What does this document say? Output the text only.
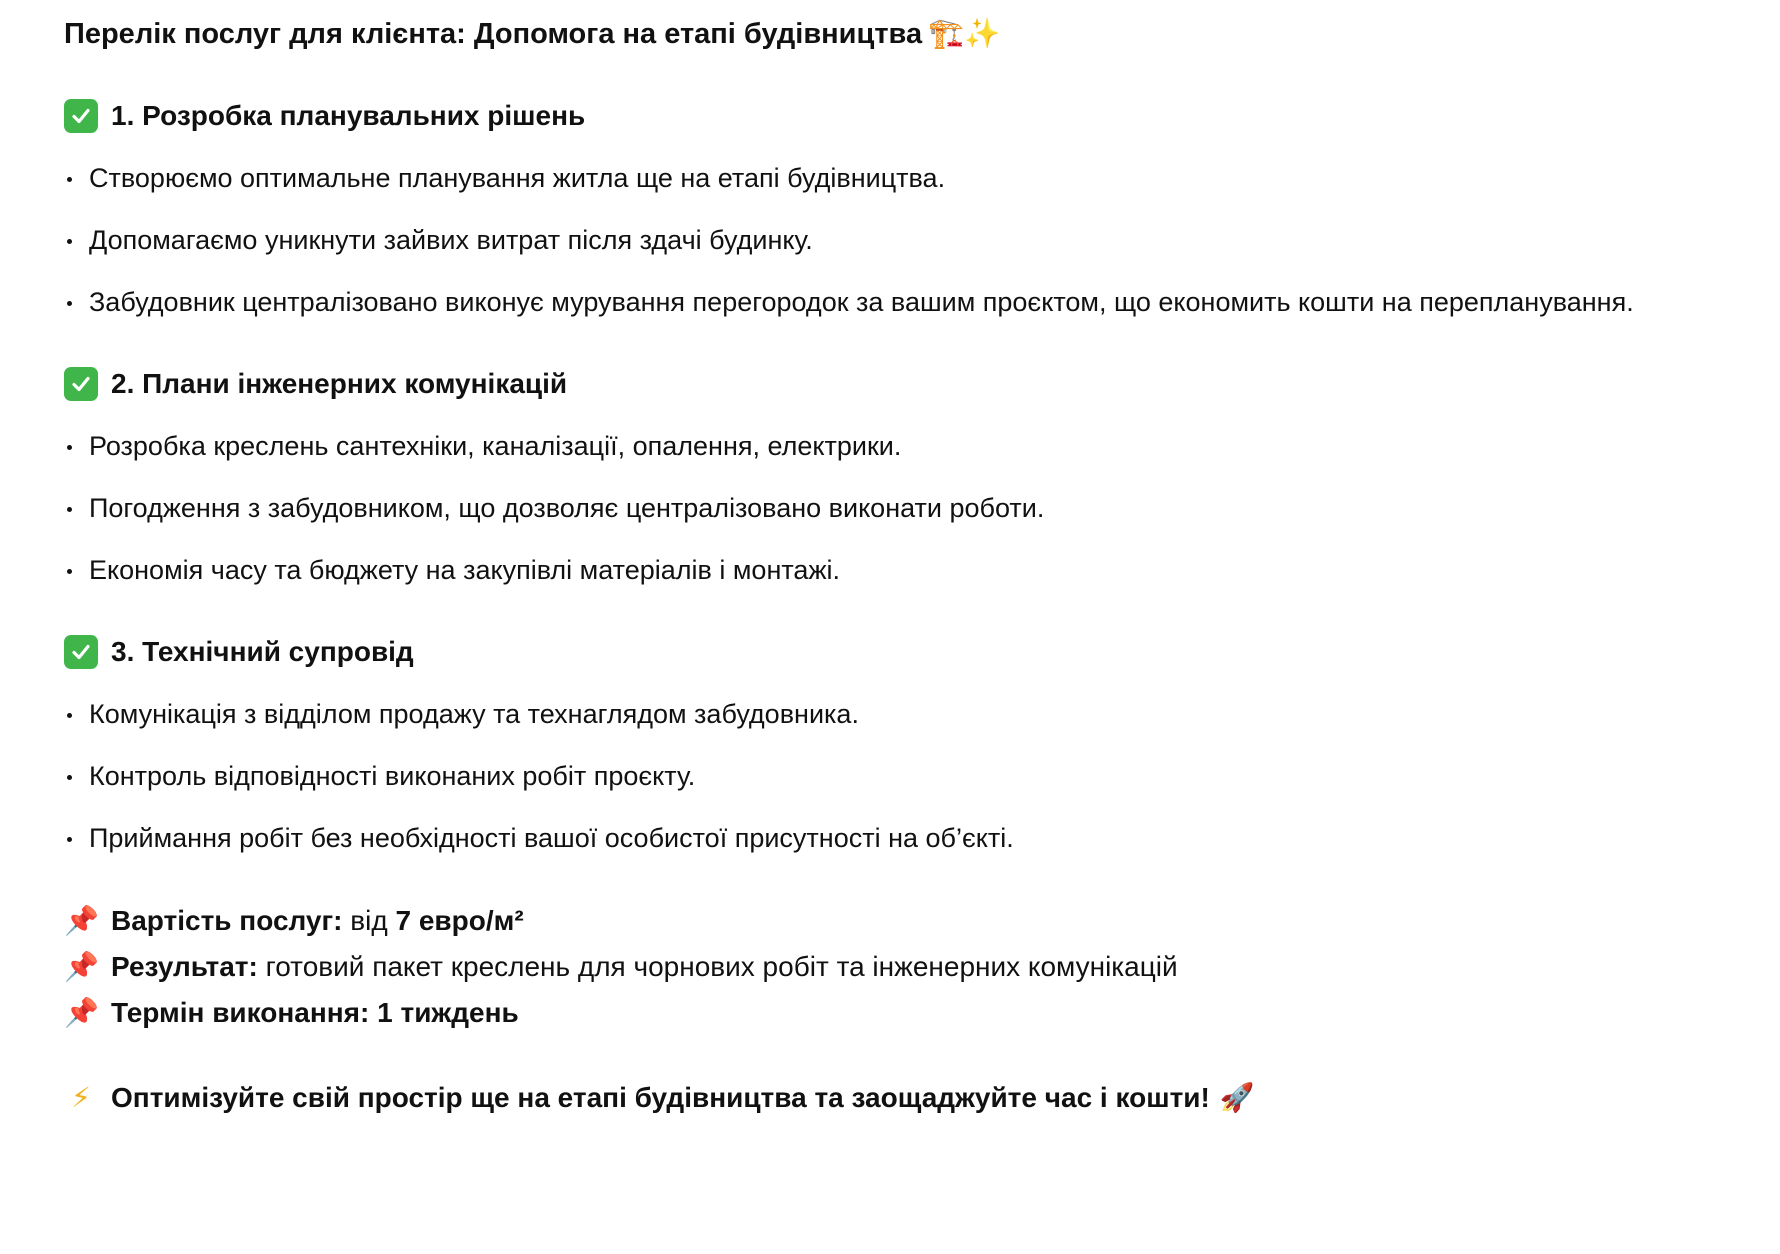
Перелік послуг для клієнта: Допомога на етапі будівництва 🏗️✨
1. Розробка планувальних рішень
Створюємо оптимальне планування житла ще на етапі будівництва.
Допомагаємо уникнути зайвих витрат після здачі будинку.
Забудовник централізовано виконує мурування перегородок за вашим проєктом, що економить кошти на перепланування.
2. Плани інженерних комунікацій
Розробка креслень сантехніки, каналізації, опалення, електрики.
Погодження з забудовником, що дозволяє централізовано виконати роботи.
Економія часу та бюджету на закупівлі матеріалів і монтажі.
3. Технічний супровід
Комунікація з відділом продажу та технаглядом забудовника.
Контроль відповідності виконаних робіт проєкту.
Приймання робіт без необхідності вашої особистої присутності на об’єкті.

📌 Вартість послуг:
від
7 евро/м²

📌 Результат:
готовий пакет креслень для чорнових робіт та інженерних комунікацій

📌 Термін виконання:
1 тиждень

⚡ Оптимізуйте свій простір ще на етапі будівництва та заощаджуйте час і кошти! 🚀
